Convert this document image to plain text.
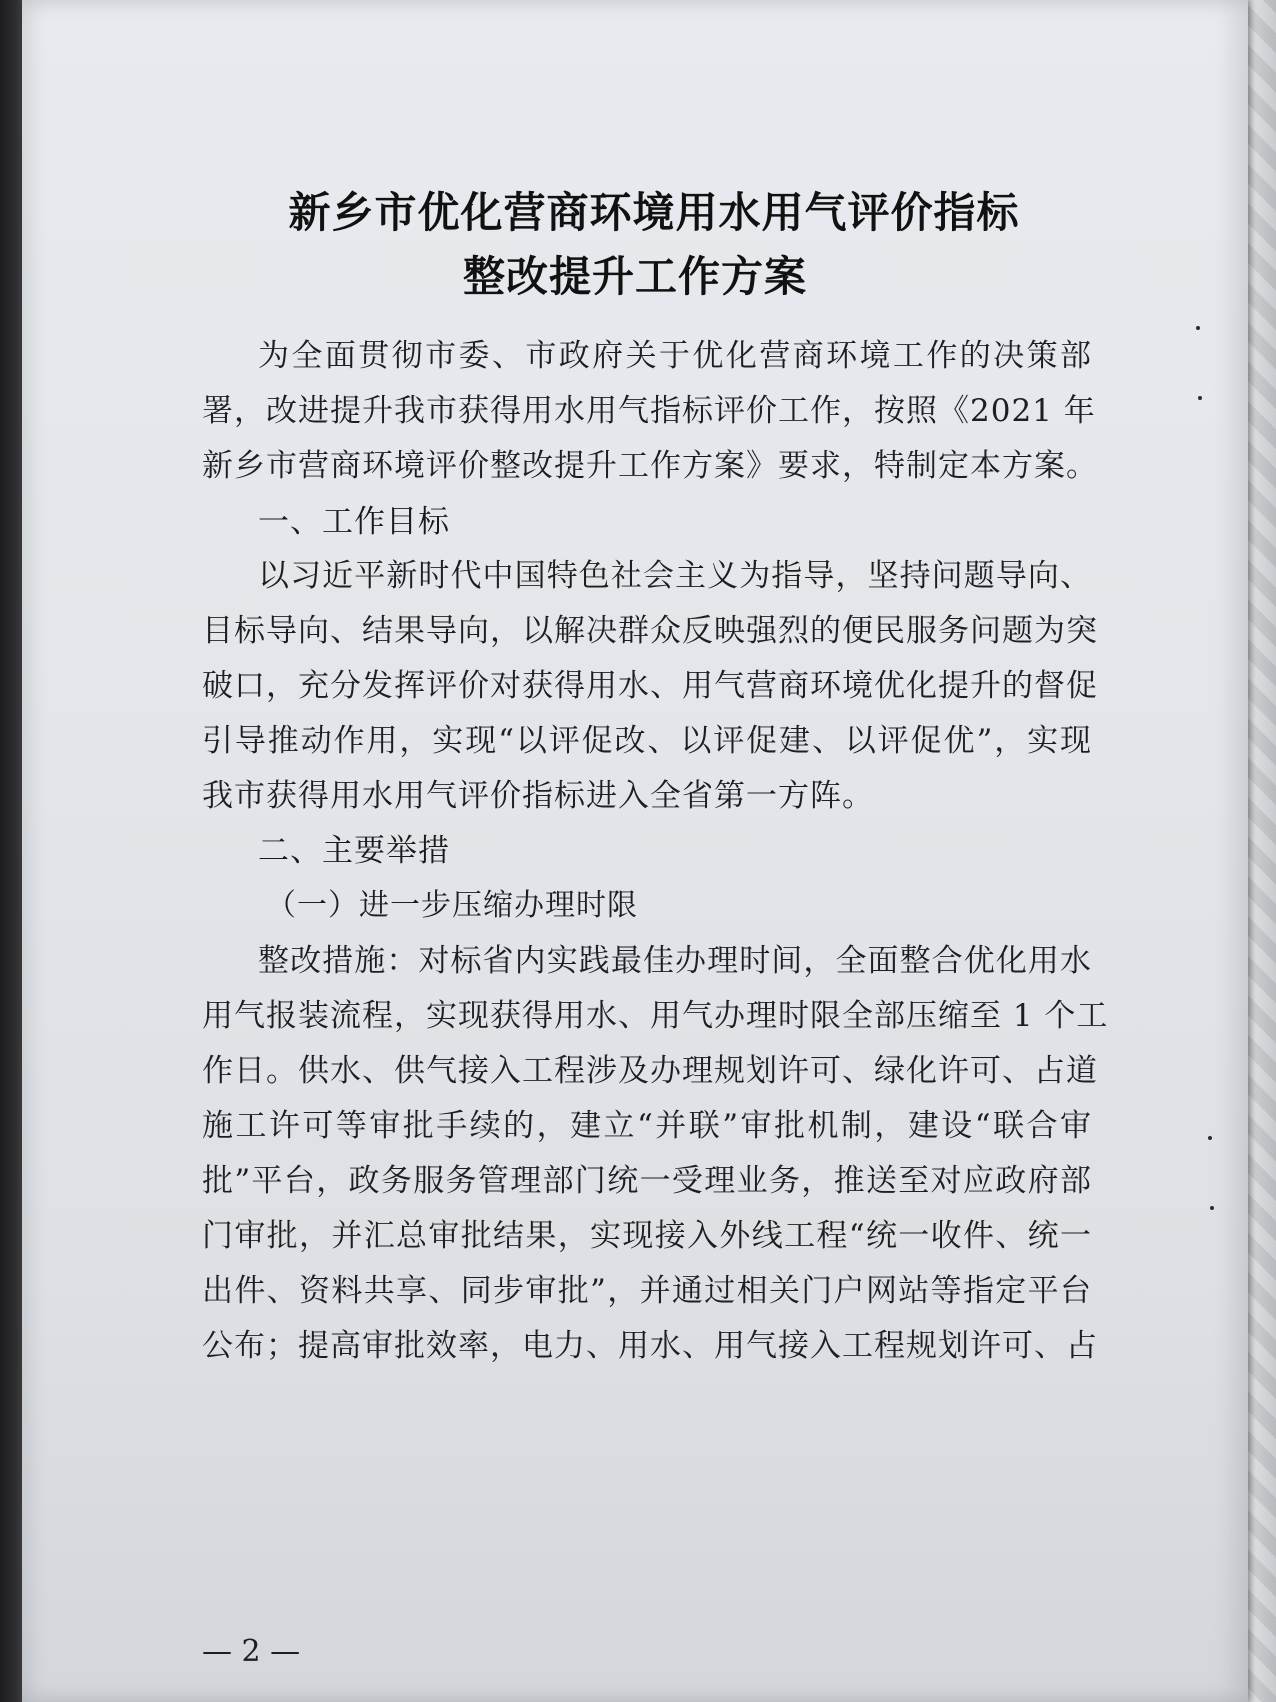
新乡市优化营商环境用水用气评价指标
整改提升工作方案
为全面贯彻市委、市政府关于优化营商环境工作的决策部
署，改进提升我市获得用水用气指标评价工作，按照《2021 年
新乡市营商环境评价整改提升工作方案》要求，特制定本方案。
一、工作目标
以习近平新时代中国特色社会主义为指导，坚持问题导向、
目标导向、结果导向，以解决群众反映强烈的便民服务问题为突
破口，充分发挥评价对获得用水、用气营商环境优化提升的督促
引导推动作用，实现“以评促改、以评促建、以评促优”，实现
我市获得用水用气评价指标进入全省第一方阵。
二、主要举措
（一）进一步压缩办理时限
整改措施：对标省内实践最佳办理时间，全面整合优化用水
用气报装流程，实现获得用水、用气办理时限全部压缩至 1 个工
作日。供水、供气接入工程涉及办理规划许可、绿化许可、占道
施工许可等审批手续的，建立“并联”审批机制，建设“联合审
批”平台，政务服务管理部门统一受理业务，推送至对应政府部
门审批，并汇总审批结果，实现接入外线工程“统一收件、统一
出件、资料共享、同步审批”，并通过相关门户网站等指定平台
公布；提高审批效率，电力、用水、用气接入工程规划许可、占
— 2 —
